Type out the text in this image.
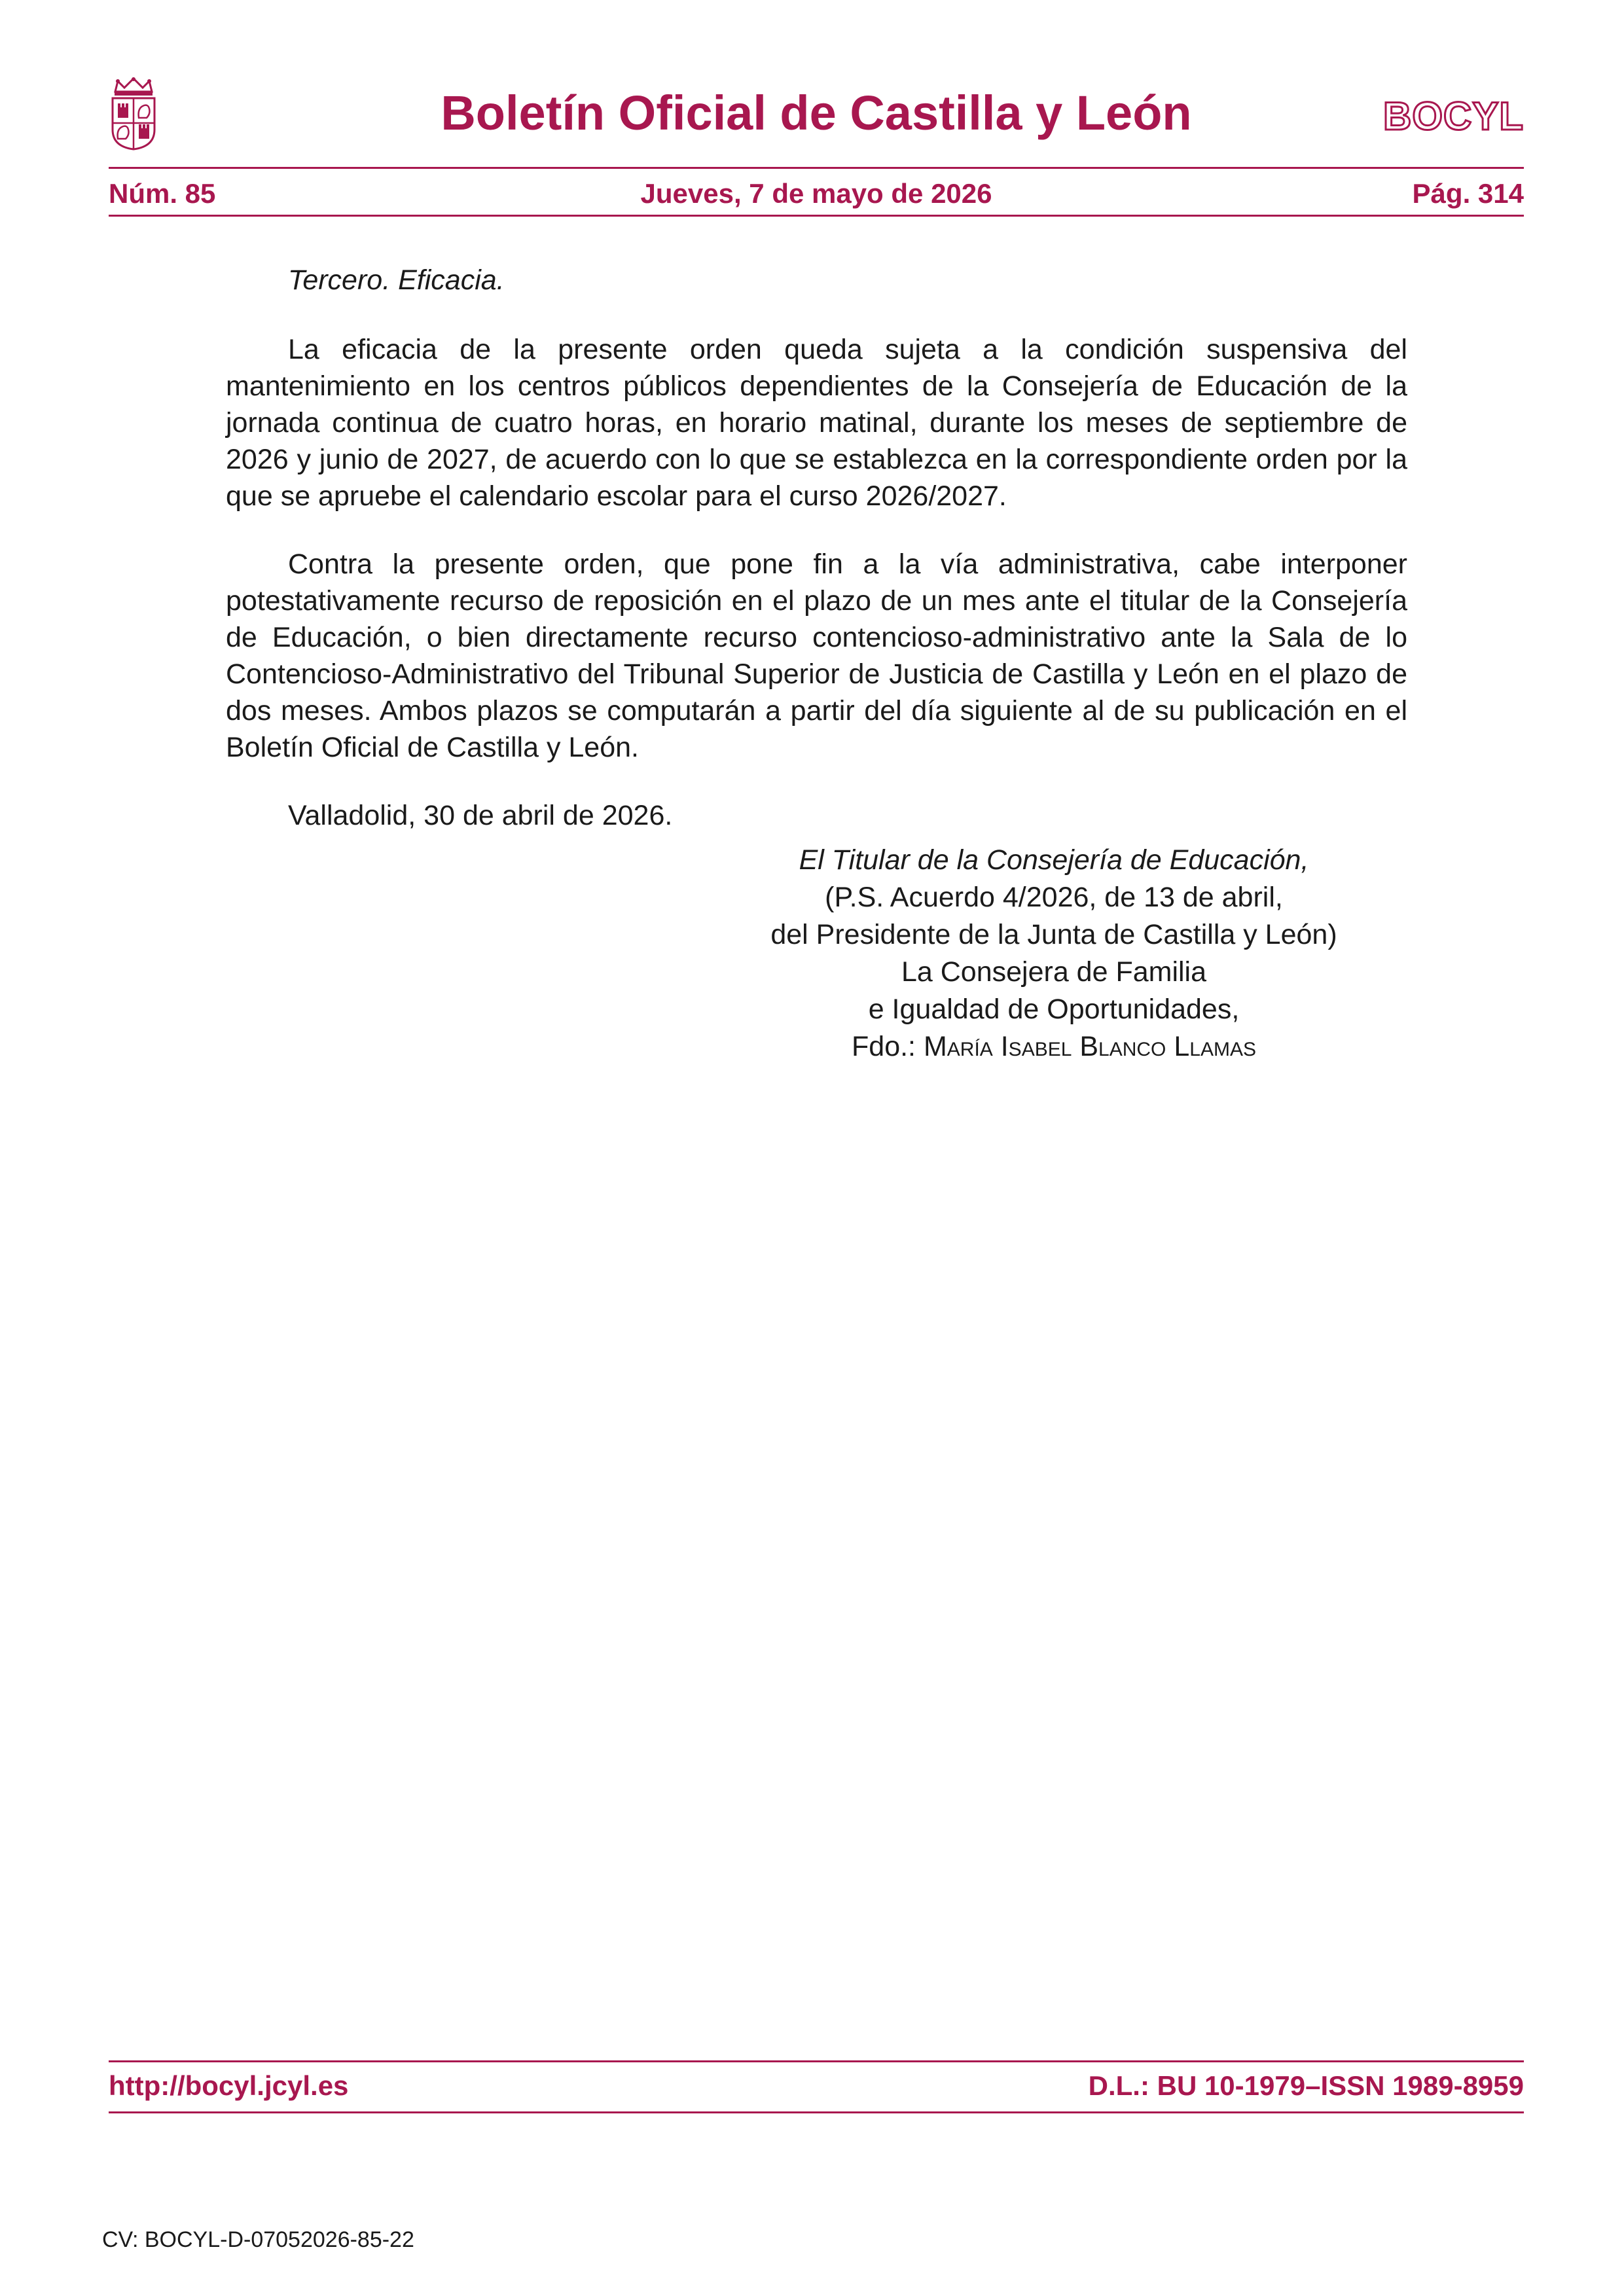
Boletín Oficial de Castilla y León	BOCYL
Núm. 85	Jueves, 7 de mayo de 2026	Pág. 314

Tercero. Eficacia.

La eficacia de la presente orden queda sujeta a la condición suspensiva del mantenimiento en los centros públicos dependientes de la Consejería de Educación de la jornada continua de cuatro horas, en horario matinal, durante los meses de septiembre de 2026 y junio de 2027, de acuerdo con lo que se establezca en la correspondiente orden por la que se apruebe el calendario escolar para el curso 2026/2027.

Contra la presente orden, que pone fin a la vía administrativa, cabe interponer potestativamente recurso de reposición en el plazo de un mes ante el titular de la Consejería de Educación, o bien directamente recurso contencioso-administrativo ante la Sala de lo Contencioso-Administrativo del Tribunal Superior de Justicia de Castilla y León en el plazo de dos meses. Ambos plazos se computarán a partir del día siguiente al de su publicación en el Boletín Oficial de Castilla y León.

Valladolid, 30 de abril de 2026.

El Titular de la Consejería de Educación,
(P.S. Acuerdo 4/2026, de 13 de abril,
del Presidente de la Junta de Castilla y León)
La Consejera de Familia
e Igualdad de Oportunidades,
Fdo.: María Isabel Blanco Llamas
http://bocyl.jcyl.es	D.L.: BU 10-1979–ISSN 1989-8959
CV: BOCYL-D-07052026-85-22
